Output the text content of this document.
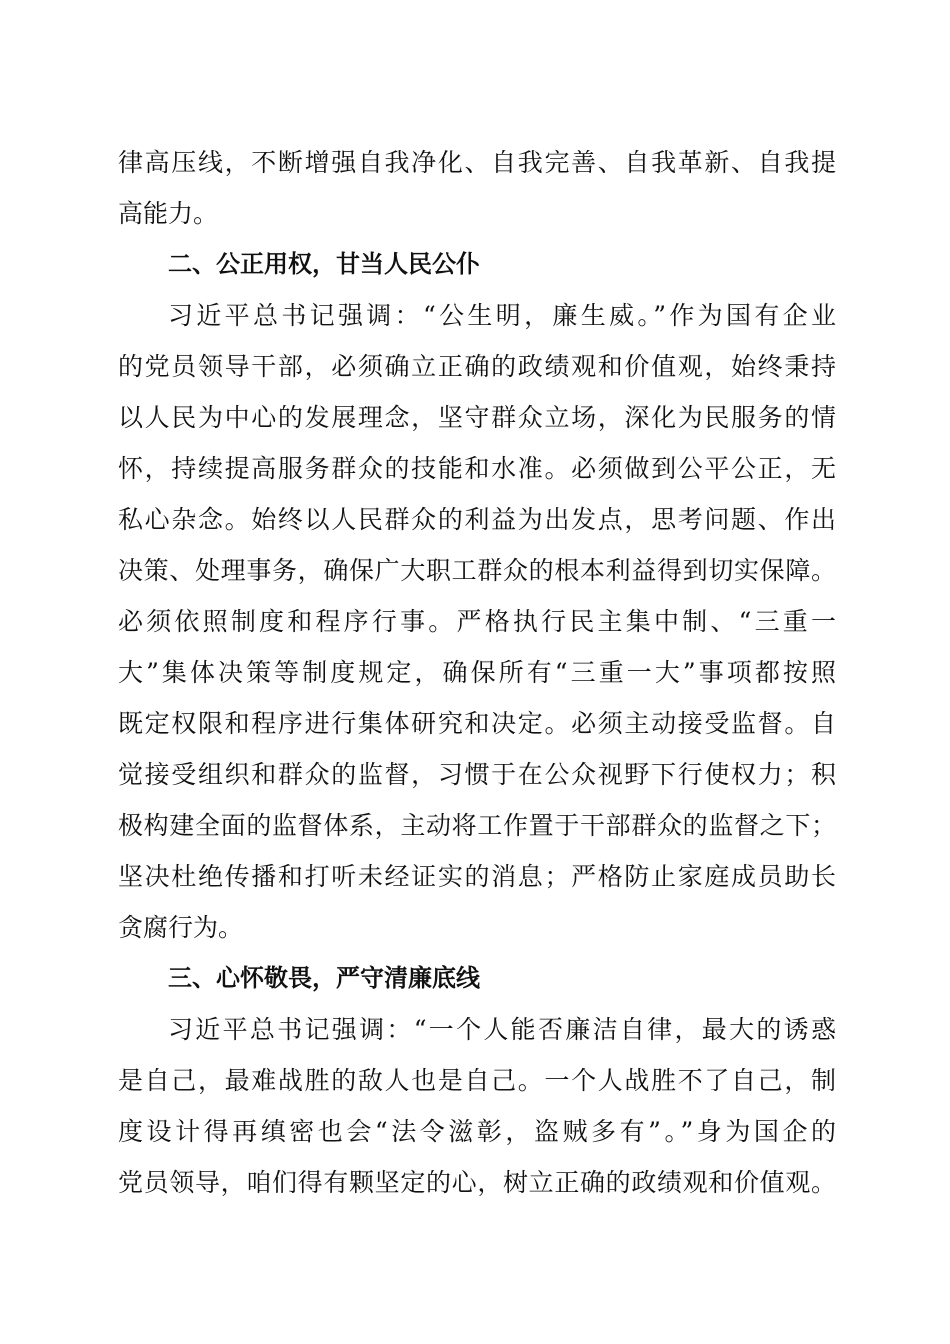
律高压线，不断增强自我净化、自我完善、自我革新、自我提
高能力。
二、公正用权，甘当人民公仆
习近平总书记强调：“公生明，廉生威。”作为国有企业
的党员领导干部，必须确立正确的政绩观和价值观，始终秉持
以人民为中心的发展理念，坚守群众立场，深化为民服务的情
怀，持续提高服务群众的技能和水准。必须做到公平公正，无
私心杂念。始终以人民群众的利益为出发点，思考问题、作出
决策、处理事务，确保广大职工群众的根本利益得到切实保障。
必须依照制度和程序行事。严格执行民主集中制、“三重一
大”集体决策等制度规定，确保所有“三重一大”事项都按照
既定权限和程序进行集体研究和决定。必须主动接受监督。自
觉接受组织和群众的监督，习惯于在公众视野下行使权力；积
极构建全面的监督体系，主动将工作置于干部群众的监督之下；
坚决杜绝传播和打听未经证实的消息；严格防止家庭成员助长
贪腐行为。
三、心怀敬畏，严守清廉底线
习近平总书记强调：“一个人能否廉洁自律，最大的诱惑
是自己，最难战胜的敌人也是自己。一个人战胜不了自己，制
度设计得再缜密也会“法令滋彰，盗贼多有”。”身为国企的
党员领导，咱们得有颗坚定的心，树立正确的政绩观和价值观。
